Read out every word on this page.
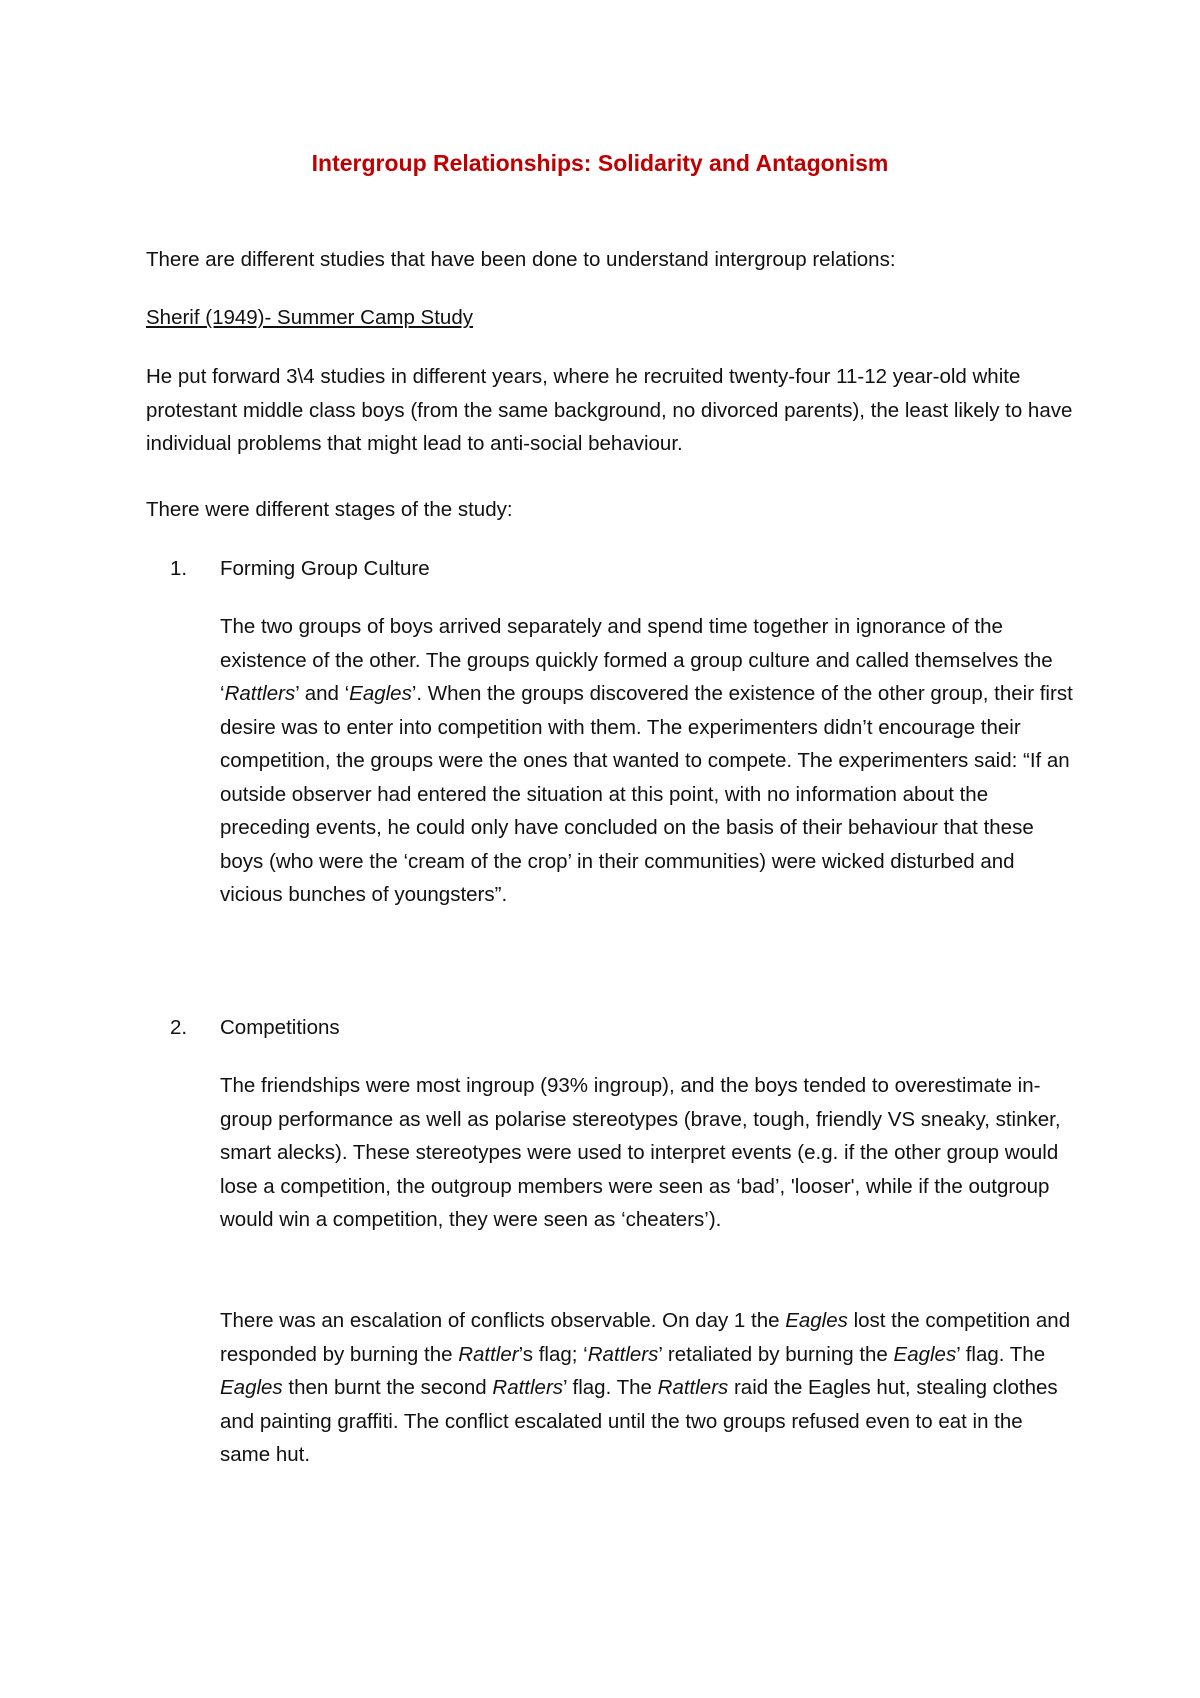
Intergroup Relationships: Solidarity and Antagonism

There are different studies that have been done to understand intergroup relations:

Sherif (1949)- Summer Camp Study

He put forward 3\4 studies in different years, where he recruited twenty-four 11-12 year-old white protestant middle class boys (from the same background, no divorced parents), the least likely to have individual problems that might lead to anti-social behaviour.

There were different stages of the study:

1. Forming Group Culture

The two groups of boys arrived separately and spend time together in ignorance of the existence of the other. The groups quickly formed a group culture and called themselves the ‘Rattlers’ and ‘Eagles’. When the groups discovered the existence of the other group, their first desire was to enter into competition with them. The experimenters didn’t encourage their competition, the groups were the ones that wanted to compete. The experimenters said: “If an outside observer had entered the situation at this point, with no information about the preceding events, he could only have concluded on the basis of their behaviour that these boys (who were the ‘cream of the crop’ in their communities) were wicked disturbed and vicious bunches of youngsters”.

2. Competitions

The friendships were most ingroup (93% ingroup), and the boys tended to overestimate in-group performance as well as polarise stereotypes (brave, tough, friendly VS sneaky, stinker, smart alecks). These stereotypes were used to interpret events (e.g. if the other group would lose a competition, the outgroup members were seen as ‘bad’, 'looser', while if the outgroup would win a competition, they were seen as ‘cheaters’).

There was an escalation of conflicts observable. On day 1 the Eagles lost the competition and responded by burning the Rattler’s flag; ‘Rattlers’ retaliated by burning the Eagles’ flag. The Eagles then burnt the second Rattlers’ flag. The Rattlers raid the Eagles hut, stealing clothes and painting graffiti. The conflict escalated until the two groups refused even to eat in the same hut.
